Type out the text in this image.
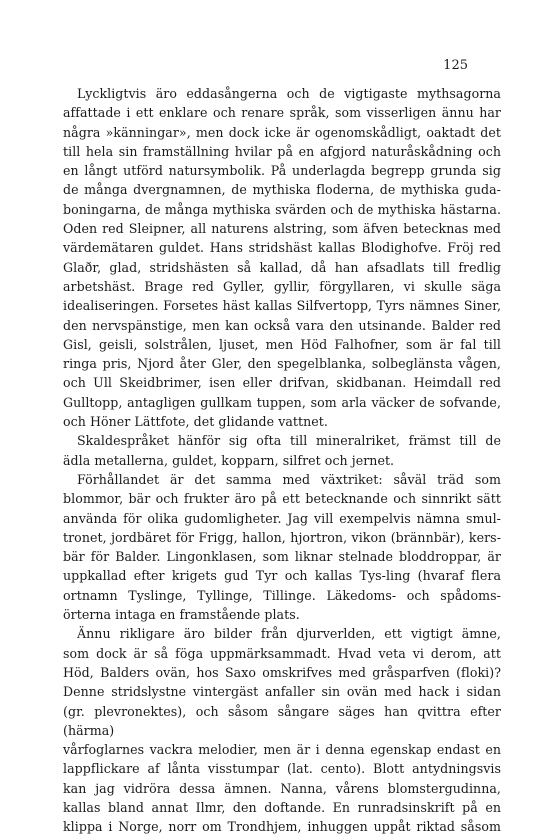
125
Lyckligtvis äro eddasångerna och de vigtigaste mythsagorna
affattade i ett enklare och renare språk, som visserligen ännu har
några »känningar», men dock icke är ogenomskådligt, oaktadt det
till hela sin framställning hvilar på en afgjord naturåskådning och
en långt utförd natursymbolik. På underlagda begrepp grunda sig
de många dvergnamnen, de mythiska floderna, de mythiska guda-
boningarna, de många mythiska svärden och de mythiska hästarna.
Oden red Sleipner, all naturens alstring, som äfven betecknas med
värdemätaren guldet. Hans stridshäst kallas Blodighofve. Fröj red
Glaðr, glad, stridshästen så kallad, då han afsadlats till fredlig
arbetshäst. Brage red Gyller, gyllir, förgyllaren, vi skulle säga
idealiseringen. Forsetes häst kallas Silfvertopp, Tyrs nämnes Siner,
den nervspänstige, men kan också vara den utsinande. Balder red
Gisl, geisli, solstrålen, ljuset, men Höd Falhofner, som är fal till
ringa pris, Njord åter Gler, den spegelblanka, solbeglänsta vågen,
och Ull Skeidbrimer, isen eller drifvan, skidbanan. Heimdall red
Gulltopp, antagligen gullkam tuppen, som arla väcker de sofvande,
och Höner Lättfote, det glidande vattnet.
Skaldespråket hänför sig ofta till mineralriket, främst till de
ädla metallerna, guldet, kopparn, silfret och jernet.
Förhållandet är det samma med växtriket: såväl träd som
blommor, bär och frukter äro på ett betecknande och sinnrikt sätt
använda för olika gudomligheter. Jag vill exempelvis nämna smul-
tronet, jordbäret för Frigg, hallon, hjortron, vikon (brännbär), kers-
bär för Balder. Lingonklasen, som liknar stelnade bloddroppar, är
uppkallad efter krigets gud Tyr och kallas Tys-ling (hvaraf flera
ortnamn Tyslinge, Tyllinge, Tillinge. Läkedoms- och spådoms-
örterna intaga en framstående plats.
Ännu rikligare äro bilder från djurverlden, ett vigtigt ämne,
som dock är så föga uppmärksammadt. Hvad veta vi derom, att
Höd, Balders ovän, hos Saxo omskrifves med gråsparfven (floki)?
Denne stridslystne vintergäst anfaller sin ovän med hack i sidan
(gr. plevronektes), och såsom sångare säges han qvittra efter (härma)
vårfoglarnes vackra melodier, men är i denna egenskap endast en
lappflickare af lånta visstumpar (lat. cento). Blott antydningsvis
kan jag vidröra dessa ämnen. Nanna, vårens blomstergudinna,
kallas bland annat Ilmr, den doftande. En runradsinskrift på en
klippa i Norge, norr om Trondhjem, inhuggen uppåt riktad såsom
